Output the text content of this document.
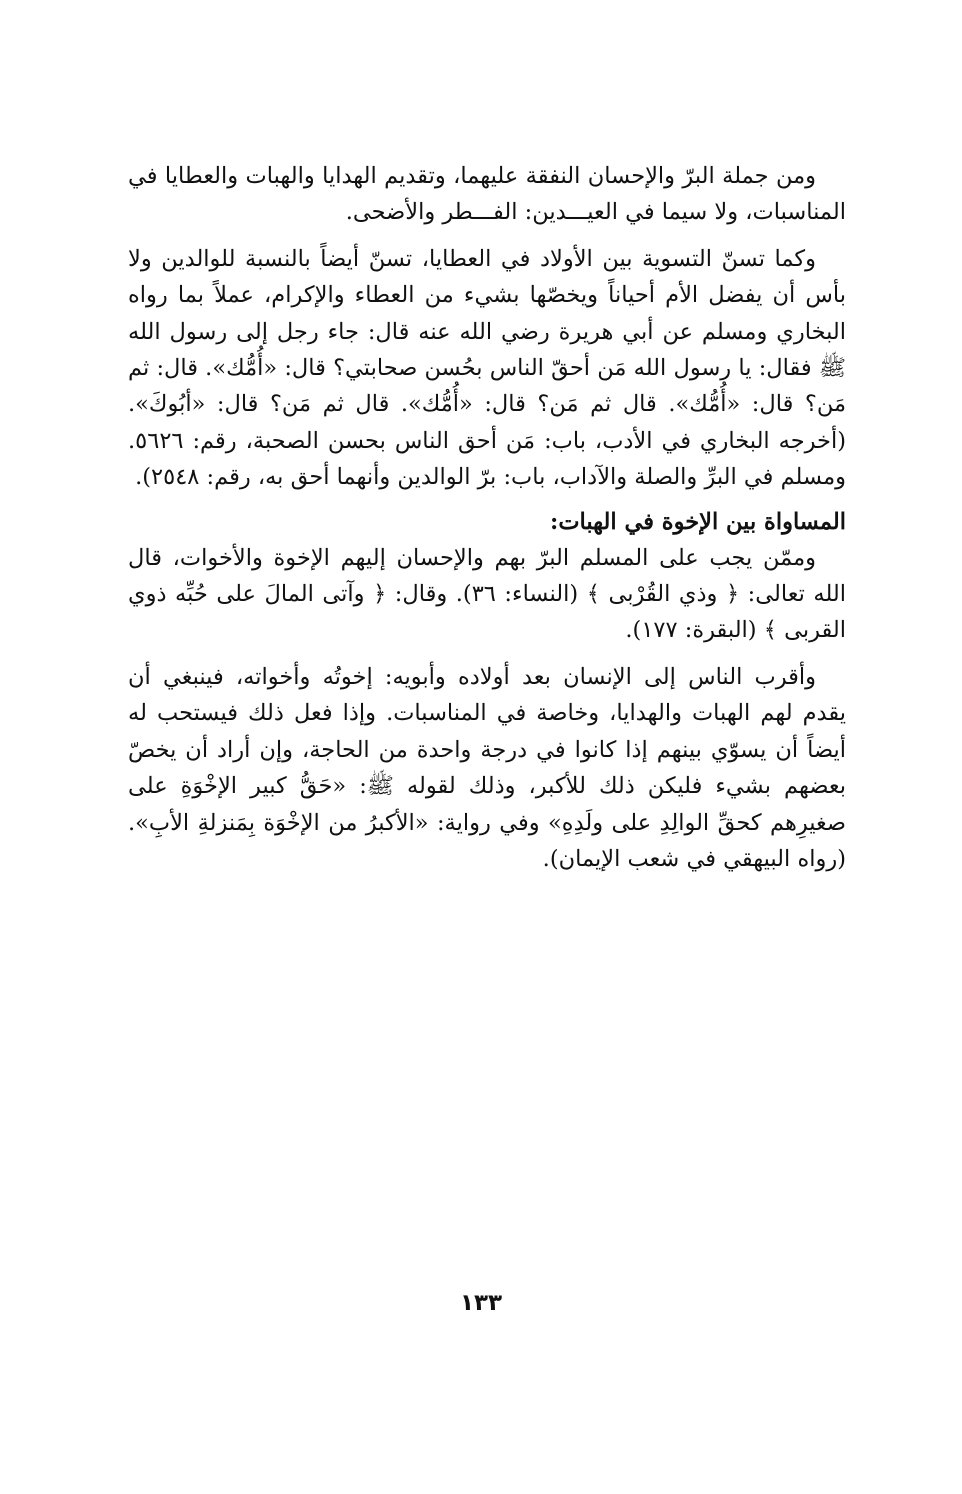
ومن جملة البرّ والإحسان النفقة عليهما، وتقديم الهدايا والهبات والعطايا في المناسبات، ولا سيما في العيـــدين: الفـــطر والأضحى.

وكما تسنّ التسوية بين الأولاد في العطايا، تسنّ أيضاً بالنسبة للوالدين ولا بأس أن يفضل الأم أحياناً ويخصّها بشيء من العطاء والإكرام، عملاً بما رواه البخاري ومسلم عن أبي هريرة رضي الله عنه قال: جاء رجل إلى رسول الله ﷺ فقال: يا رسول الله مَن أحقّ الناس بحُسن صحابتي؟ قال: «أُمُّك». قال: ثم مَن؟ قال: «أُمُّك». قال ثم مَن؟ قال: «أُمُّك». قال ثم مَن؟ قال: «أبُوكَ». (أخرجه البخاري في الأدب، باب: مَن أحق الناس بحسن الصحبة، رقم: ٥٦٢٦. ومسلم في البرِّ والصلة والآداب، باب: برّ الوالدين وأنهما أحق به، رقم: ٢٥٤٨).

المساواة بين الإخوة في الهبات:

وممّن يجب على المسلم البرّ بهم والإحسان إليهم الإخوة والأخوات، قال الله تعالى: ﴿ وذي القُرْبى ﴾ (النساء: ٣٦). وقال: ﴿ وآتى المالَ على حُبِّه ذوي القربى ﴾ (البقرة: ١٧٧).

وأقرب الناس إلى الإنسان بعد أولاده وأبويه: إخوتُه وأخواته، فينبغي أن يقدم لهم الهبات والهدايا، وخاصة في المناسبات. وإذا فعل ذلك فيستحب له أيضاً أن يسوّي بينهم إذا كانوا في درجة واحدة من الحاجة، وإن أراد أن يخصّ بعضهم بشيء فليكن ذلك للأكبر، وذلك لقوله ﷺ: «حَقُّ كبير الإخْوَةِ على صغيرِهم كحقِّ الوالِدِ على ولَدِهِ» وفي رواية: «الأكبرُ من الإخْوَة بِمَنزلةِ الأبِ». (رواه البيهقي في شعب الإيمان).

١٣٣
